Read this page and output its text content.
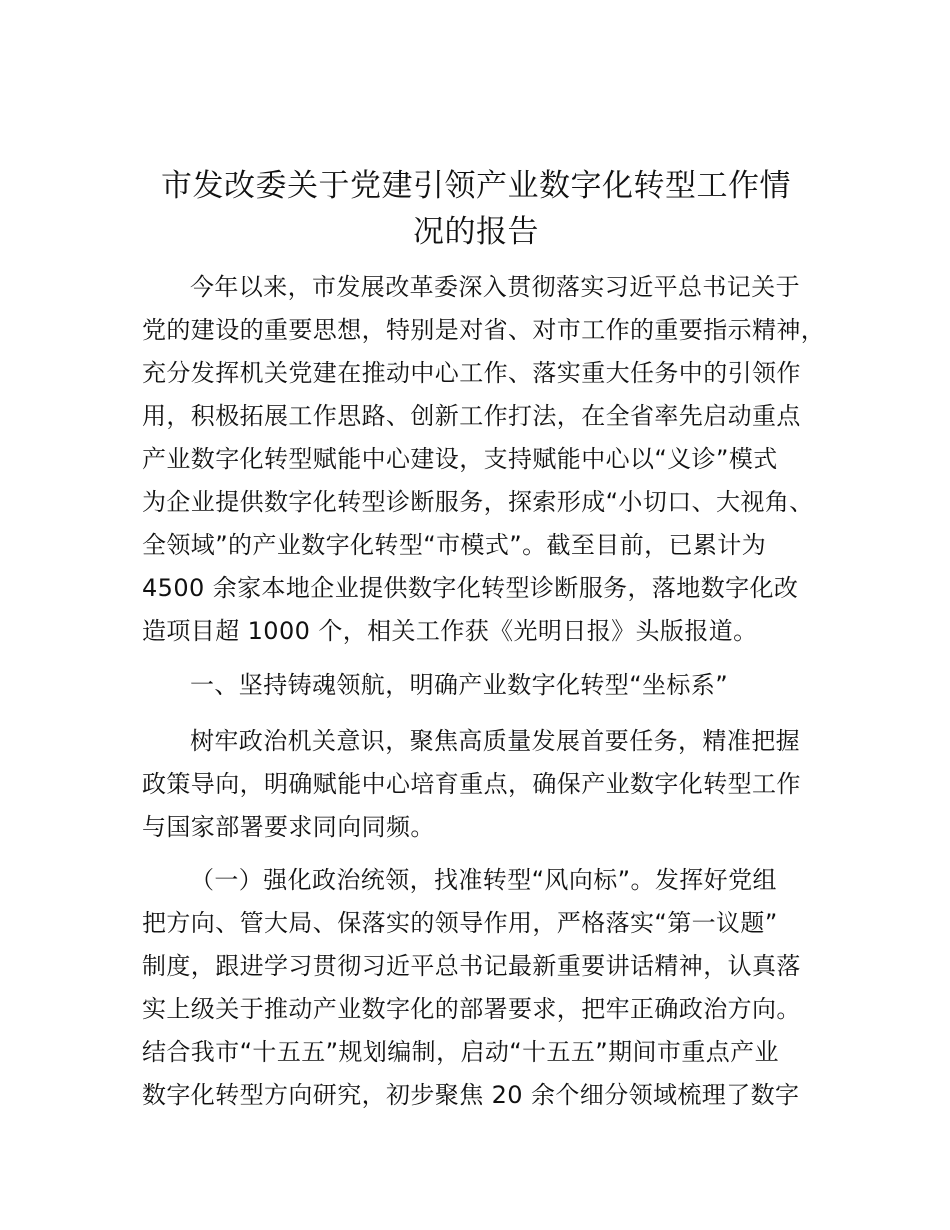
市发改委关于党建引领产业数字化转型工作情
况的报告
今年以来，市发展改革委深入贯彻落实习近平总书记关于
党的建设的重要思想，特别是对省、对市工作的重要指示精神，
充分发挥机关党建在推动中心工作、落实重大任务中的引领作
用，积极拓展工作思路、创新工作打法，在全省率先启动重点
产业数字化转型赋能中心建设，支持赋能中心以“义诊”模式
为企业提供数字化转型诊断服务，探索形成“小切口、大视角、
全领域”的产业数字化转型“市模式”。截至目前，已累计为
4500 余家本地企业提供数字化转型诊断服务，落地数字化改
造项目超 1000 个，相关工作获《光明日报》头版报道。
一、坚持铸魂领航，明确产业数字化转型“坐标系”
树牢政治机关意识，聚焦高质量发展首要任务，精准把握
政策导向，明确赋能中心培育重点，确保产业数字化转型工作
与国家部署要求同向同频。
（一）强化政治统领，找准转型“风向标”。发挥好党组
把方向、管大局、保落实的领导作用，严格落实“第一议题”
制度，跟进学习贯彻习近平总书记最新重要讲话精神，认真落
实上级关于推动产业数字化的部署要求，把牢正确政治方向。
结合我市“十五五”规划编制，启动“十五五”期间市重点产业
数字化转型方向研究，初步聚焦 20 余个细分领域梳理了数字
